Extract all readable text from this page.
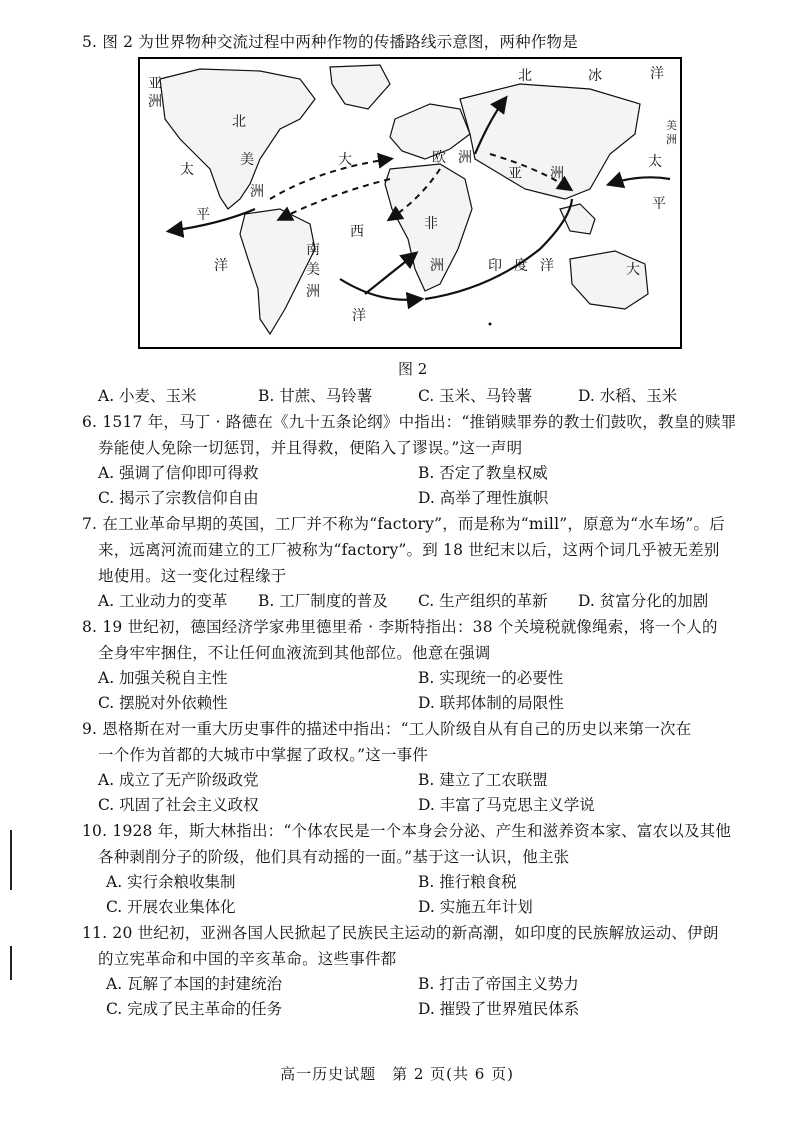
5. 图 2 为世界物种交流过程中两种作物的传播路线示意图，两种作物是
亚
洲
北
美
洲
大
太
平
洋
欧 洲
亚 洲
北	冰	洋
非
洲
西
南
美
洲
洋
印 度 洋	大
太
平
美
洲
图 2
A. 小麦、玉米	B. 甘蔗、马铃薯	C. 玉米、马铃薯	D. 水稻、玉米
6. 1517 年，马丁 · 路德在《九十五条论纲》中指出：“推销赎罪券的教士们鼓吹，教皇的赎罪
券能使人免除一切惩罚，并且得救，便陷入了谬误。”这一声明
A. 强调了信仰即可得救	B. 否定了教皇权威
C. 揭示了宗教信仰自由	D. 高举了理性旗帜
7. 在工业革命早期的英国，工厂并不称为“factory”，而是称为“mill”，原意为“水车场”。后
来，远离河流而建立的工厂被称为“factory”。到 18 世纪末以后，这两个词几乎被无差别
地使用。这一变化过程缘于
A. 工业动力的变革 B. 工厂制度的普及 C. 生产组织的革新 D. 贫富分化的加剧
8. 19 世纪初，德国经济学家弗里德里希 · 李斯特指出：38 个关境税就像绳索，将一个人的
全身牢牢捆住，不让任何血液流到其他部位。他意在强调
A. 加强关税自主性	B. 实现统一的必要性
C. 摆脱对外依赖性	D. 联邦体制的局限性
9. 恩格斯在对一重大历史事件的描述中指出：“工人阶级自从有自己的历史以来第一次在
一个作为首都的大城市中掌握了政权。”这一事件
A. 成立了无产阶级政党	B. 建立了工农联盟
C. 巩固了社会主义政权	D. 丰富了马克思主义学说
10. 1928 年，斯大林指出：“个体农民是一个本身会分泌、产生和滋养资本家、富农以及其他
各种剥削分子的阶级，他们具有动摇的一面。”基于这一认识，他主张
A. 实行余粮收集制	B. 推行粮食税
C. 开展农业集体化	D. 实施五年计划
11. 20 世纪初，亚洲各国人民掀起了民族民主运动的新高潮，如印度的民族解放运动、伊朗
的立宪革命和中国的辛亥革命。这些事件都
A. 瓦解了本国的封建统治	B. 打击了帝国主义势力
C. 完成了民主革命的任务	D. 摧毁了世界殖民体系
高一历史试题　第 2 页(共 6 页)
